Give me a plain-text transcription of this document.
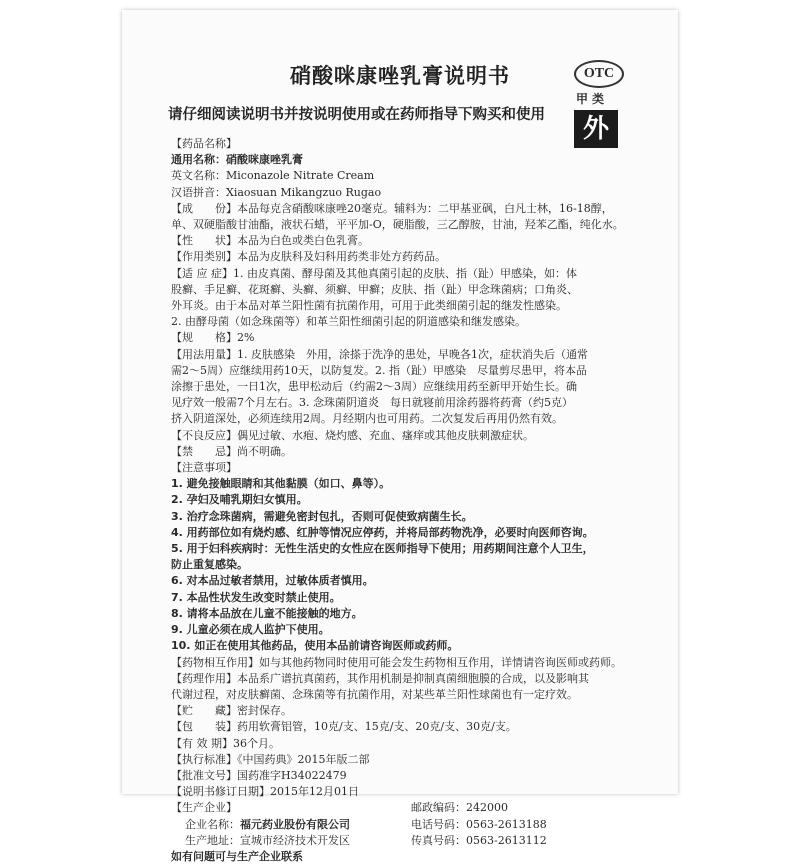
硝酸咪康唑乳膏说明书	OTC
甲类
外
请仔细阅读说明书并按说明使用或在药师指导下购买和使用
【药品名称】
通用名称：硝酸咪康唑乳膏
英文名称：Miconazole Nitrate Cream
汉语拼音：Xiaosuan Mikangzuo Rugao
【成　　份】本品每克含硝酸咪康唑20毫克。辅料为：二甲基亚砜，白凡士林，16-18醇，
单、双硬脂酸甘油酯，液状石蜡，平平加-O，硬脂酸，三乙醇胺，甘油，羟苯乙酯，纯化水。
【性　　状】本品为白色或类白色乳膏。
【作用类别】本品为皮肤科及妇科用药类非处方药药品。
【适 应 症】1. 由皮真菌、酵母菌及其他真菌引起的皮肤、指（趾）甲感染，如：体
股癣、手足癣、花斑癣、头癣、须癣、甲癣；皮肤、指（趾）甲念珠菌病；口角炎、
外耳炎。由于本品对革兰阳性菌有抗菌作用，可用于此类细菌引起的继发性感染。
2. 由酵母菌（如念珠菌等）和革兰阳性细菌引起的阴道感染和继发感染。
【规　　格】2%
【用法用量】1. 皮肤感染　外用，涂搽于洗净的患处，早晚各1次，症状消失后（通常
需2～5周）应继续用药10天，以防复发。2. 指（趾）甲感染　尽量剪尽患甲，将本品
涂擦于患处，一日1次，患甲松动后（约需2～3周）应继续用药至新甲开始生长。确
见疗效一般需7个月左右。3. 念珠菌阴道炎　每日就寝前用涂药器将药膏（约5克）
挤入阴道深处，必须连续用2周。月经期内也可用药。二次复发后再用仍然有效。
【不良反应】偶见过敏、水疱、烧灼感、充血、瘙痒或其他皮肤刺激症状。
【禁　　忌】尚不明确。
【注意事项】
1. 避免接触眼睛和其他黏膜（如口、鼻等）。
2. 孕妇及哺乳期妇女慎用。
3. 治疗念珠菌病，需避免密封包扎，否则可促使致病菌生长。
4. 用药部位如有烧灼感、红肿等情况应停药，并将局部药物洗净，必要时向医师咨询。
5. 用于妇科疾病时：无性生活史的女性应在医师指导下使用；用药期间注意个人卫生，
防止重复感染。
6. 对本品过敏者禁用，过敏体质者慎用。
7. 本品性状发生改变时禁止使用。
8. 请将本品放在儿童不能接触的地方。
9. 儿童必须在成人监护下使用。
10. 如正在使用其他药品，使用本品前请咨询医师或药师。
【药物相互作用】如与其他药物同时使用可能会发生药物相互作用，详情请咨询医师或药师。
【药理作用】本品系广谱抗真菌药，其作用机制是抑制真菌细胞膜的合成，以及影响其
代谢过程，对皮肤癣菌、念珠菌等有抗菌作用，对某些革兰阳性球菌也有一定疗效。
【贮　　藏】密封保存。
【包　　装】药用软膏铝管，10克/支、15克/支、20克/支、30克/支。
【有 效 期】36个月。
【执行标准】《中国药典》2015年版二部
【批准文号】国药准字H34022479
【说明书修订日期】2015年12月01日
【生产企业】	邮政编码：242000
企业名称：福元药业股份有限公司	电话号码：0563-2613188
生产地址：宣城市经济技术开发区	传真号码：0563-2613112
如有问题可与生产企业联系
